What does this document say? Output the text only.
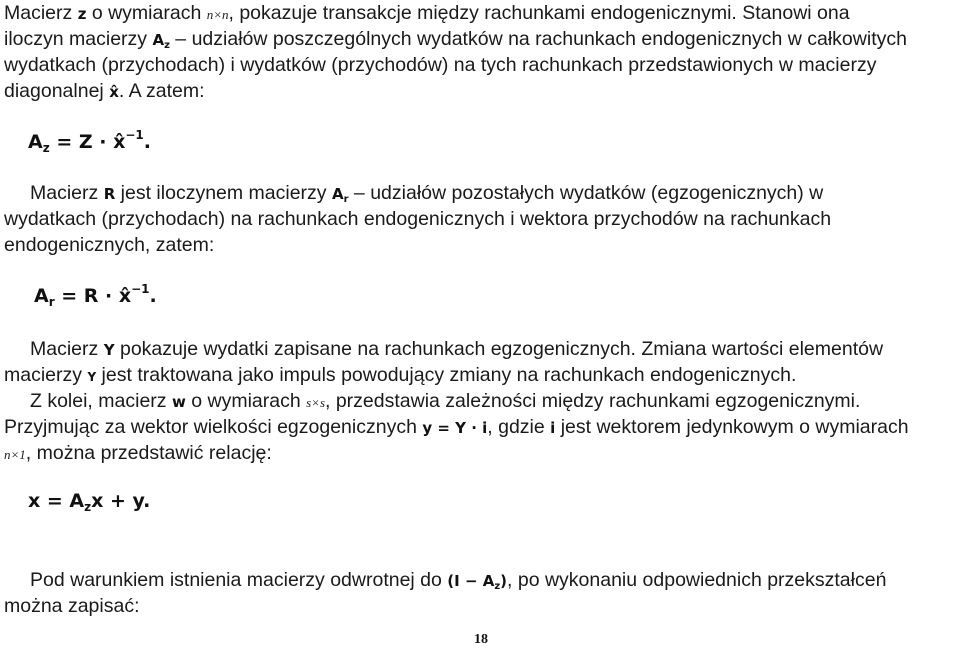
Macierz z o wymiarach n×n, pokazuje transakcje między rachunkami endogenicznymi. Stanowi ona
iloczyn macierzy $A_z$ – udziałów poszczególnych wydatków na rachunkach endogenicznych w całkowitych
wydatkach (przychodach) i wydatków (przychodów) na tych rachunkach przedstawionych w macierzy
diagonalnej x̂. A zatem:
$A_z = Z$ · x̂$^{-1}$.
Macierz R jest iloczynem macierzy $A_r$ – udziałów pozostałych wydatków (egzogenicznych) w
wydatkach (przychodach) na rachunkach endogenicznych i wektora przychodów na rachunkach
endogenicznych, zatem:
$A_r = R$ · x̂$^{-1}$.
Macierz Y pokazuje wydatki zapisane na rachunkach egzogenicznych. Zmiana wartości elementów
macierzy Y jest traktowana jako impuls powodujący zmiany na rachunkach endogenicznych.
Z kolei, macierz w o wymiarach s×s, przedstawia zależności między rachunkami egzogenicznymi.
Przyjmując za wektor wielkości egzogenicznych y = Y · i, gdzie i jest wektorem jedynkowym o wymiarach
n×1, można przedstawić relację:
$x = A_zx + y$.
Pod warunkiem istnienia macierzy odwrotnej do $(I - A_z)$, po wykonaniu odpowiednich przekształceń
można zapisać:
18
